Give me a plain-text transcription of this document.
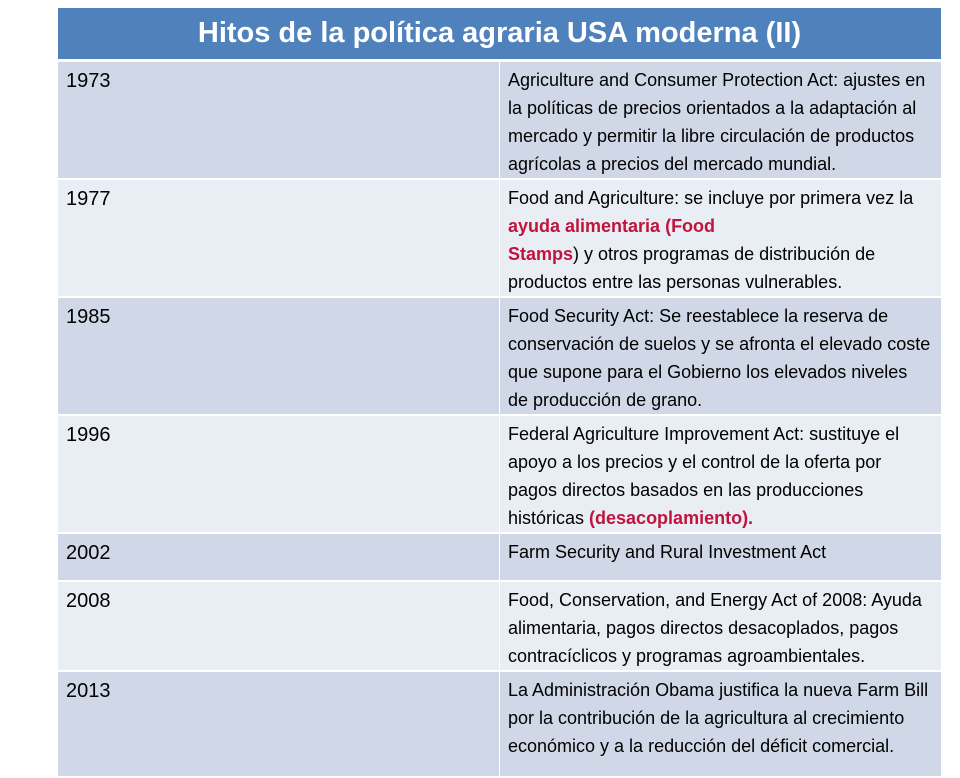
Hitos de la política agraria USA moderna (II)	
1973	Agriculture and Consumer Protection Act: ajustes en la políticas de precios orientados a la adaptación al mercado y permitir la libre circulación de productos agrícolas a precios del mercado mundial.
1977	Food and Agriculture: se incluye por primera vez la ayuda alimentaria (Food
Stamps) y otros programas de distribución de productos entre las personas vulnerables.
1985	Food Security Act: Se reestablece la reserva de conservación de suelos y se afronta el elevado coste que supone para el Gobierno los elevados niveles de producción de grano.
1996	Federal Agriculture Improvement Act: sustituye el apoyo a los precios y el control de la oferta por pagos directos basados en las producciones históricas (desacoplamiento).
2002	Farm Security and Rural Investment Act
2008	Food, Conservation, and Energy Act of 2008: Ayuda alimentaria, pagos directos desacoplados, pagos contracíclicos y programas agroambientales.
2013	La Administración Obama justifica la nueva Farm Bill por la contribución de la agricultura al crecimiento económico y a la reducción del déficit comercial.
